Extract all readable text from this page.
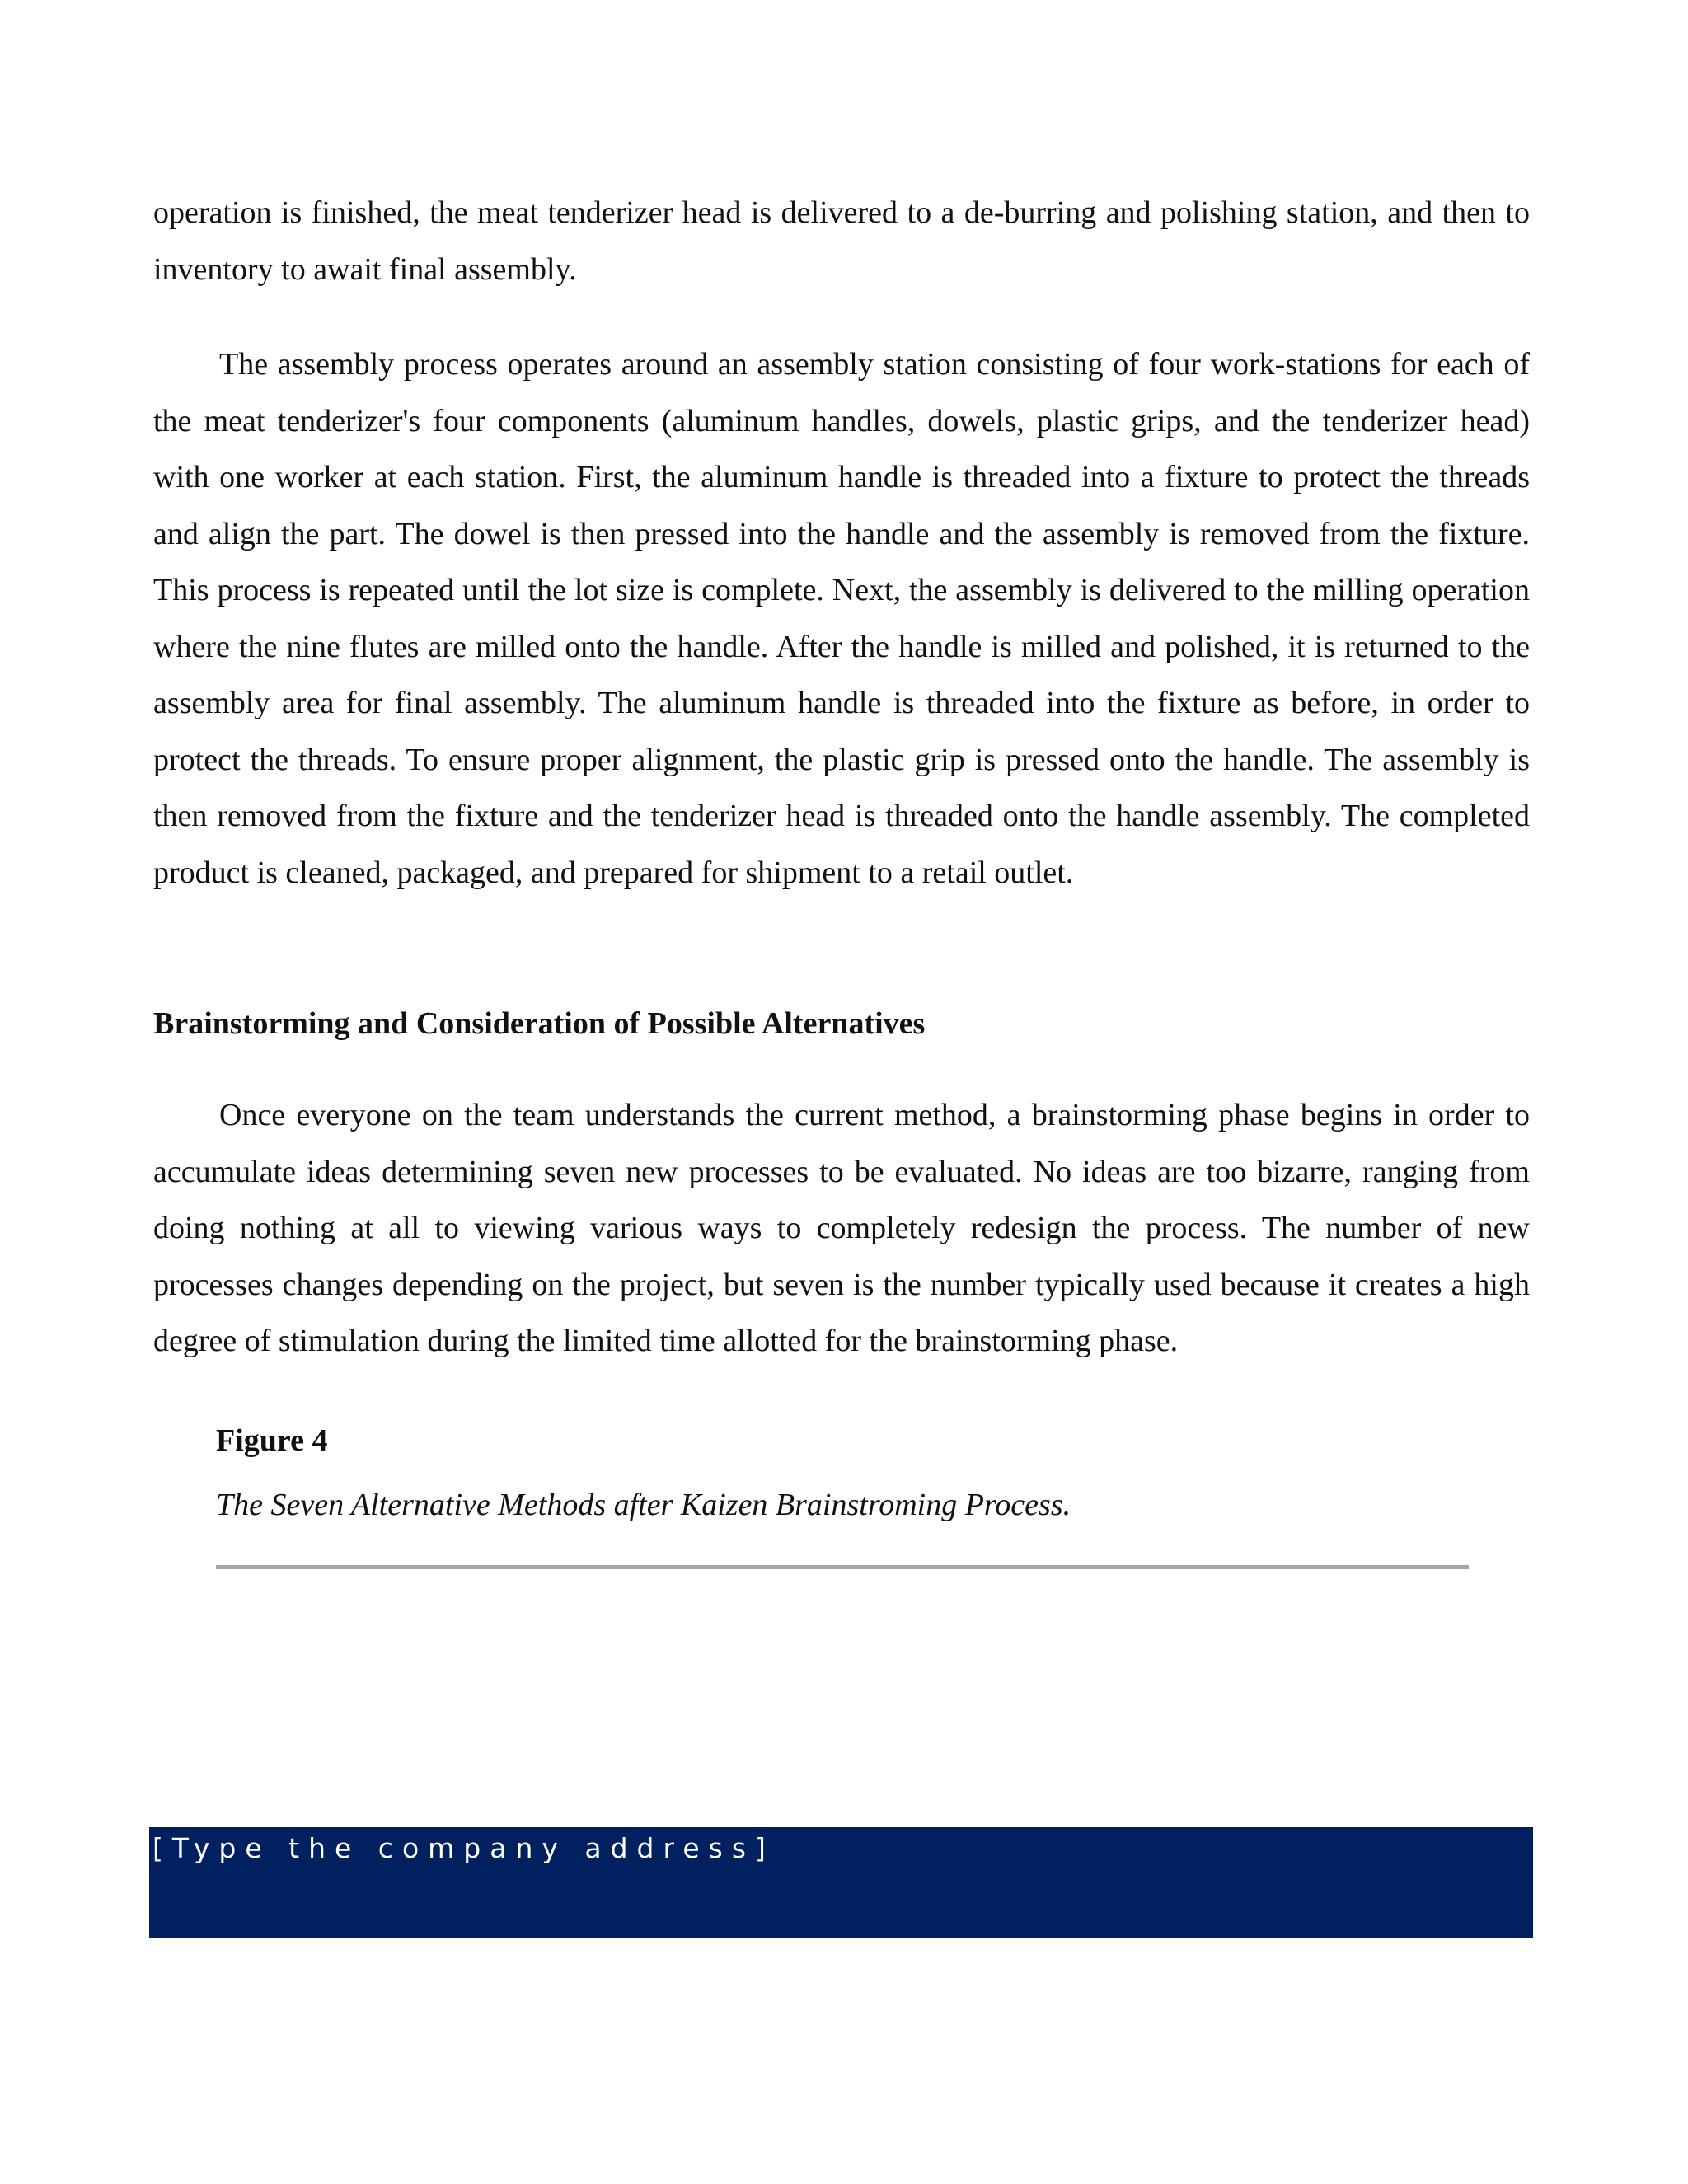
operation is finished, the meat tenderizer head is delivered to a de-burring and polishing station, and then to inventory to await final assembly.

The assembly process operates around an assembly station consisting of four work-stations for each of the meat tenderizer's four components (aluminum handles, dowels, plastic grips, and the tenderizer head) with one worker at each station. First, the aluminum handle is threaded into a fixture to protect the threads and align the part. The dowel is then pressed into the handle and the assembly is removed from the fixture. This process is repeated until the lot size is complete. Next, the assembly is delivered to the milling operation where the nine flutes are milled onto the handle. After the handle is milled and polished, it is returned to the assembly area for final assembly. The aluminum handle is threaded into the fixture as before, in order to protect the threads. To ensure proper alignment, the plastic grip is pressed onto the handle. The assembly is then removed from the fixture and the tenderizer head is threaded onto the handle assembly. The completed product is cleaned, packaged, and prepared for shipment to a retail outlet.

Brainstorming and Consideration of Possible Alternatives

Once everyone on the team understands the current method, a brainstorming phase begins in order to accumulate ideas determining seven new processes to be evaluated. No ideas are too bizarre, ranging from doing nothing at all to viewing various ways to completely redesign the process. The number of new processes changes depending on the project, but seven is the number typically used because it creates a high degree of stimulation during the limited time allotted for the brainstorming phase.

Figure 4
The Seven Alternative Methods after Kaizen Brainstroming Process.
[Type the company address]
